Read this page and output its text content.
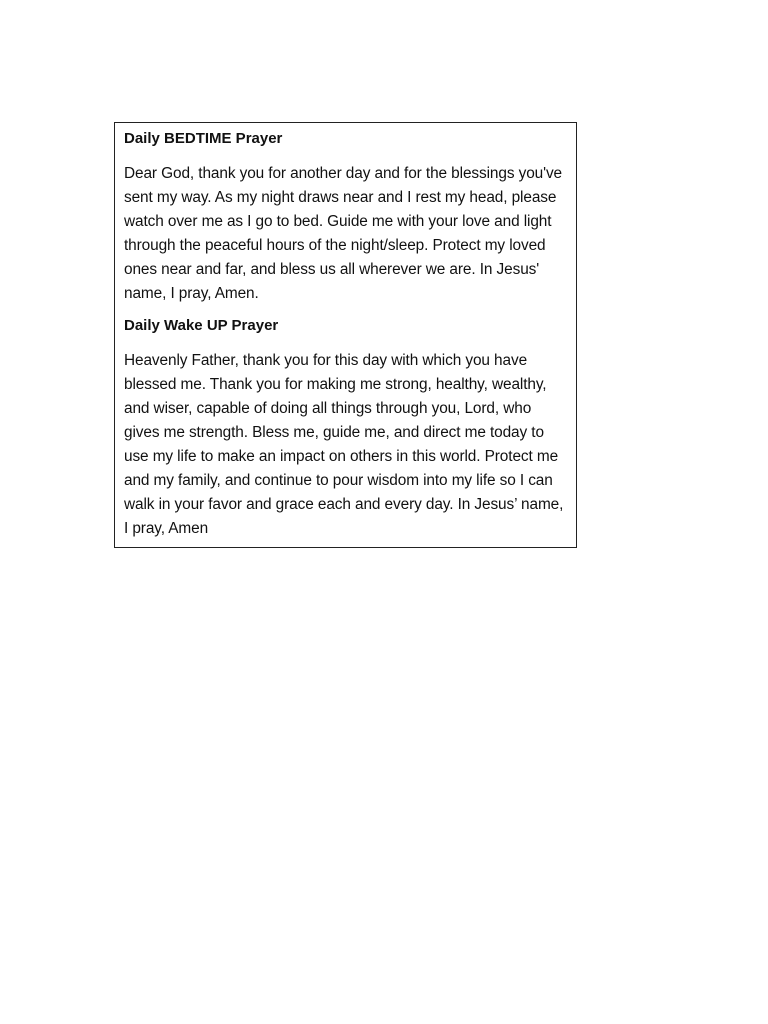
Daily BEDTIME Prayer

Dear God, thank you for another day and for the blessings you've sent my way. As my night draws near and I rest my head, please watch over me as I go to bed. Guide me with your love and light through the peaceful hours of the night/sleep. Protect my loved ones near and far, and bless us all wherever we are. In Jesus' name, I pray, Amen.

Daily Wake UP Prayer

Heavenly Father, thank you for this day with which you have blessed me. Thank you for making me strong, healthy, wealthy, and wiser, capable of doing all things through you, Lord, who gives me strength. Bless me, guide me, and direct me today to use my life to make an impact on others in this world. Protect me and my family, and continue to pour wisdom into my life so I can walk in your favor and grace each and every day. In Jesus’ name, I pray, Amen
